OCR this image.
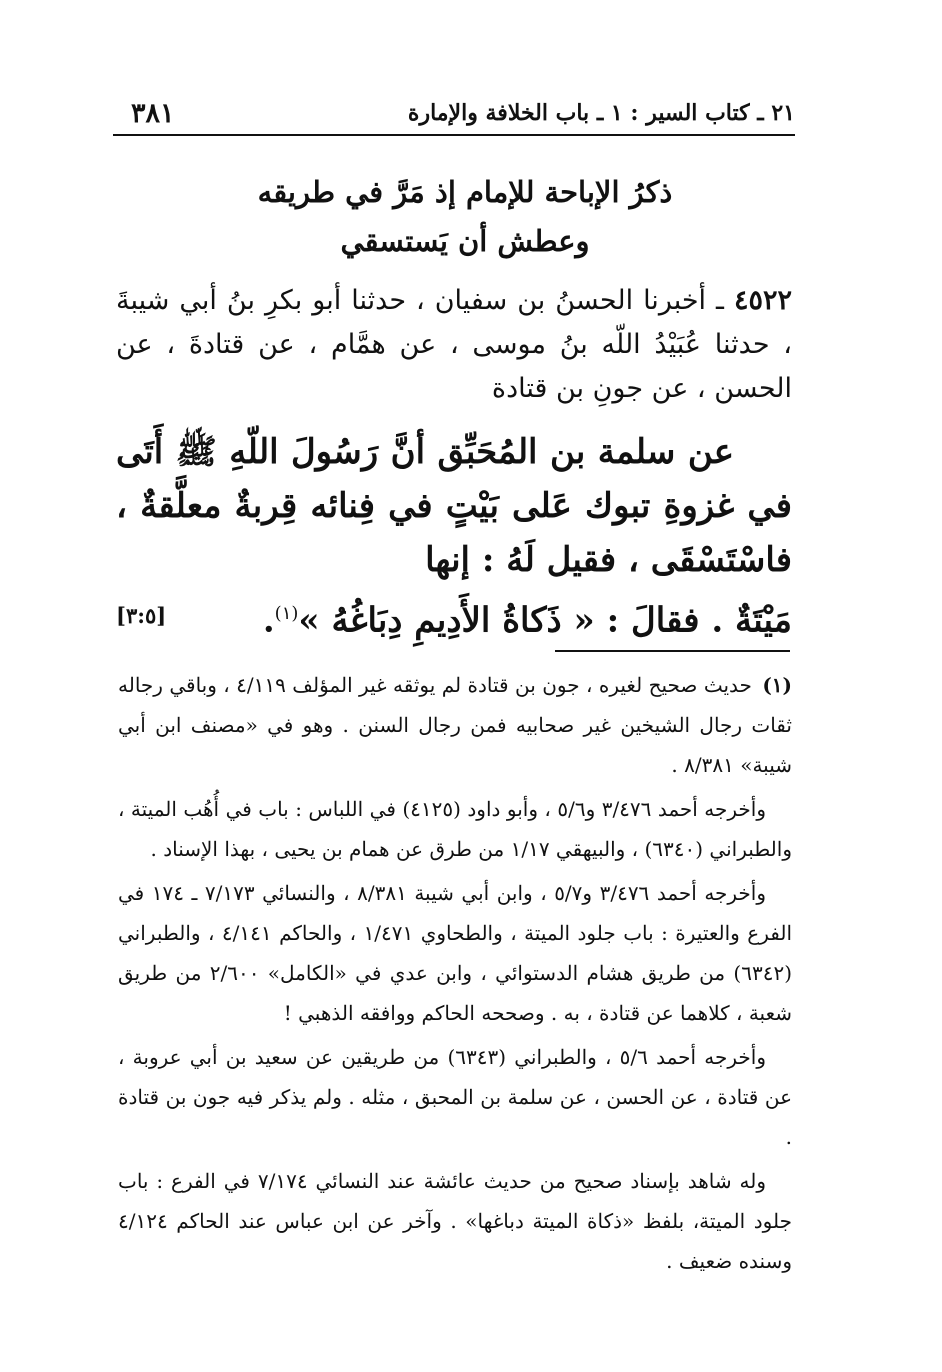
٢١ ـ كتاب السير : ١ ـ باب الخلافة والإمارة
٣٨١
ذكرُ الإباحة للإمام إذ مَرَّ في طريقه
وعطش أن يَستسقي

٤٥٢٢ ـ أخبرنا الحسنُ بن سفيان ، حدثنا أبو بكرِ بنُ أبي شيبةَ ، حدثنا عُبَيْدُ اللّه بنُ موسى ، عن همَّام ، عن قتادةَ ، عن الحسن ، عن جونِ بن قتادة

عن سلمة بن المُحَبِّق أنَّ رَسُولَ اللّهِ ﷺ أَتَى في غزوةِ تبوك عَلى بَيْتٍ في فِنائه قِربةٌ معلَّقةٌ ، فاسْتَسْقَى ، فقيل لَهُ : إنها
مَيْتَةٌ . فقالَ : « ذَكاةُ الأَدِيمِ دِبَاغُهُ »$^{(١)}$.
[٣:٥]

(١) حديث صحيح لغيره ، جون بن قتادة لم يوثقه غير المؤلف ٤/١١٩ ، وباقي رجاله ثقات رجال الشيخين غير صحابيه فمن رجال السنن . وهو في «مصنف ابن أبي شيبة» ٨/٣٨١ .

وأخرجه أحمد ٣/٤٧٦ و٥/٦ ، وأبو داود (٤١٢٥) في اللباس : باب في أُهُب الميتة ، والطبراني (٦٣٤٠) ، والبيهقي ١/١٧ من طرق عن همام بن يحيى ، بهذا الإسناد .

وأخرجه أحمد ٣/٤٧٦ و٥/٧ ، وابن أبي شيبة ٨/٣٨١ ، والنسائي ٧/١٧٣ ـ ١٧٤ في الفرع والعتيرة : باب جلود الميتة ، والطحاوي ١/٤٧١ ، والحاكم ٤/١٤١ ، والطبراني (٦٣٤٢) من طريق هشام الدستوائي ، وابن عدي في «الكامل» ٢/٦٠٠ من طريق شعبة ، كلاهما عن قتادة ، به . وصححه الحاكم ووافقه الذهبي !

وأخرجه أحمد ٥/٦ ، والطبراني (٦٣٤٣) من طريقين عن سعيد بن أبي عروبة ، عن قتادة ، عن الحسن ، عن سلمة بن المحبق ، مثله . ولم يذكر فيه جون بن قتادة .

وله شاهد بإسناد صحيح من حديث عائشة عند النسائي ٧/١٧٤ في الفرع : باب جلود الميتة، بلفظ «ذكاة الميتة دباغها» . وآخر عن ابن عباس عند الحاكم ٤/١٢٤ وسنده ضعيف .
